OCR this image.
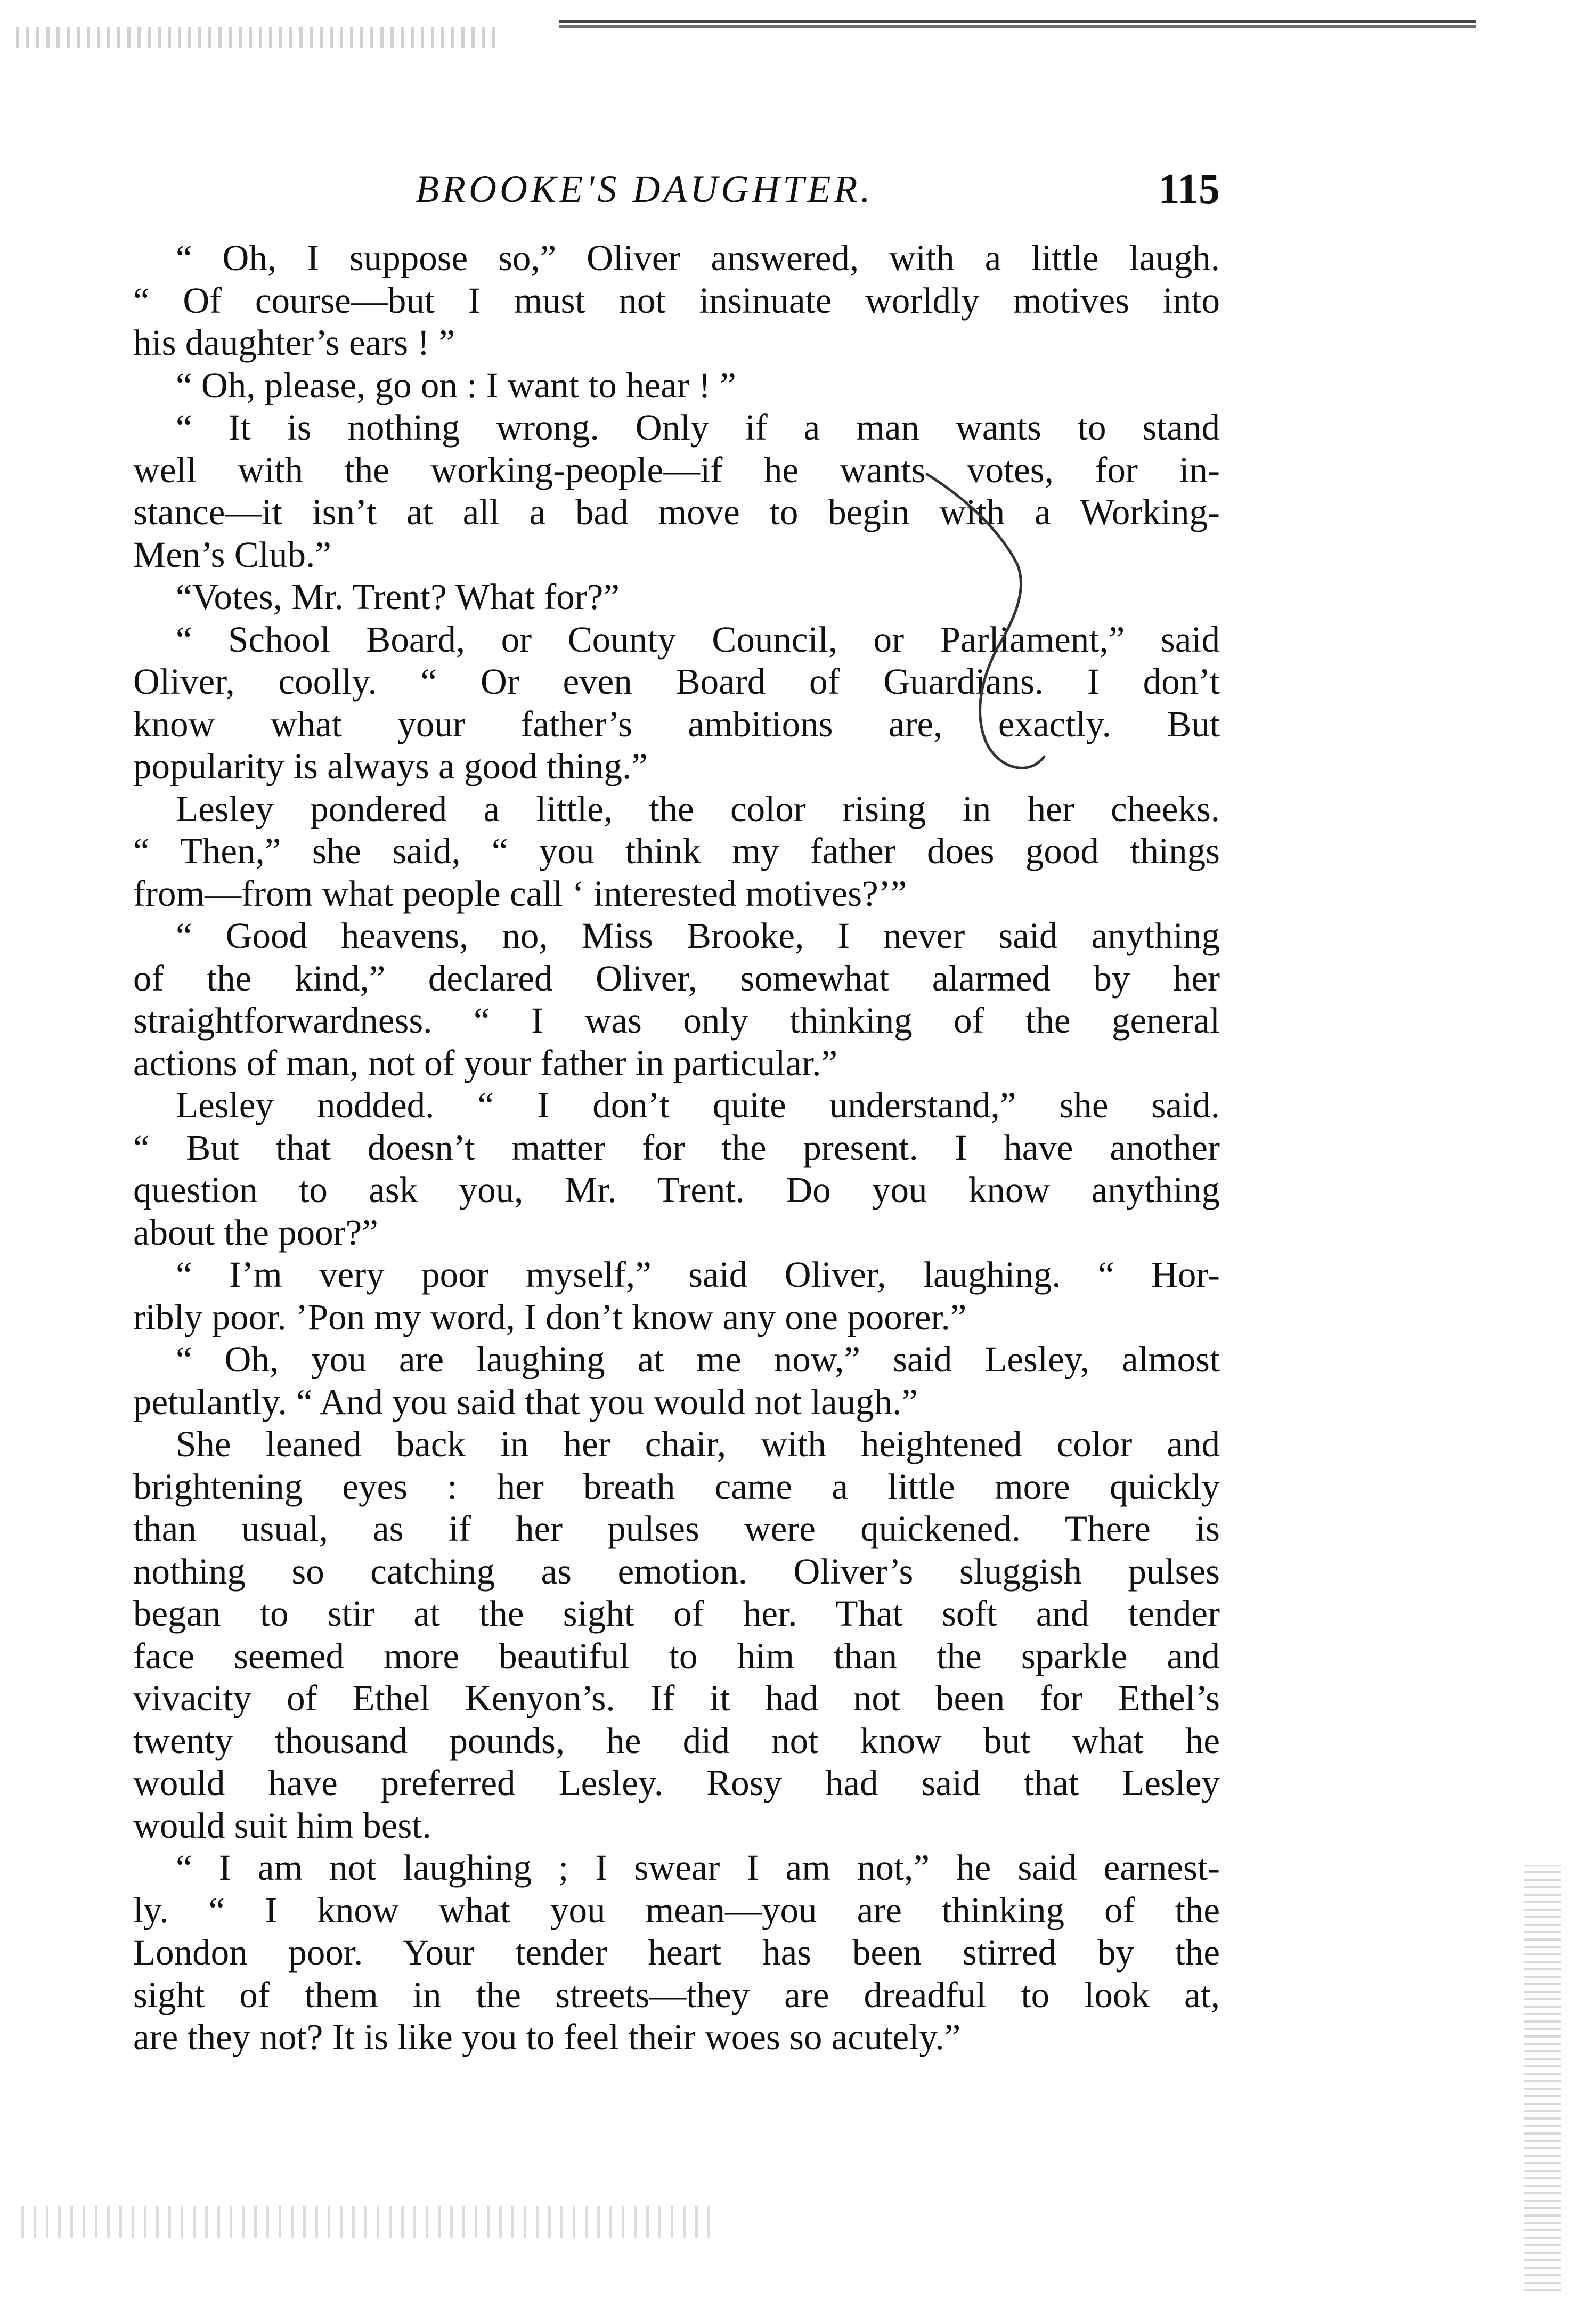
BROOKE'S DAUGHTER.	115
“ Oh, I suppose so,” Oliver answered, with a little laugh.
“ Of course—but I must not insinuate worldly motives into
his daughter’s ears ! ”
“ Oh, please, go on : I want to hear ! ”
“ It is nothing wrong. Only if a man wants to stand
well with the working-people—if he wants votes, for in-
stance—it isn’t at all a bad move to begin with a Working-
Men’s Club.”
“Votes, Mr. Trent? What for?”
“ School Board, or County Council, or Parliament,” said
Oliver, coolly. “ Or even Board of Guardians. I don’t
know what your father’s ambitions are, exactly. But
popularity is always a good thing.”
Lesley pondered a little, the color rising in her cheeks.
“ Then,” she said, “ you think my father does good things
from—from what people call ‘ interested motives?’”
“ Good heavens, no, Miss Brooke, I never said anything
of the kind,” declared Oliver, somewhat alarmed by her
straightforwardness. “ I was only thinking of the general
actions of man, not of your father in particular.”
Lesley nodded. “ I don’t quite understand,” she said.
“ But that doesn’t matter for the present. I have another
question to ask you, Mr. Trent. Do you know anything
about the poor?”
“ I’m very poor myself,” said Oliver, laughing. “ Hor-
ribly poor. ’Pon my word, I don’t know any one poorer.”
“ Oh, you are laughing at me now,” said Lesley, almost
petulantly. “ And you said that you would not laugh.”
She leaned back in her chair, with heightened color and
brightening eyes : her breath came a little more quickly
than usual, as if her pulses were quickened. There is
nothing so catching as emotion. Oliver’s sluggish pulses
began to stir at the sight of her. That soft and tender
face seemed more beautiful to him than the sparkle and
vivacity of Ethel Kenyon’s. If it had not been for Ethel’s
twenty thousand pounds, he did not know but what he
would have preferred Lesley. Rosy had said that Lesley
would suit him best.
“ I am not laughing ; I swear I am not,” he said earnest-
ly. “ I know what you mean—you are thinking of the
London poor. Your tender heart has been stirred by the
sight of them in the streets—they are dreadful to look at,
are they not? It is like you to feel their woes so acutely.”
